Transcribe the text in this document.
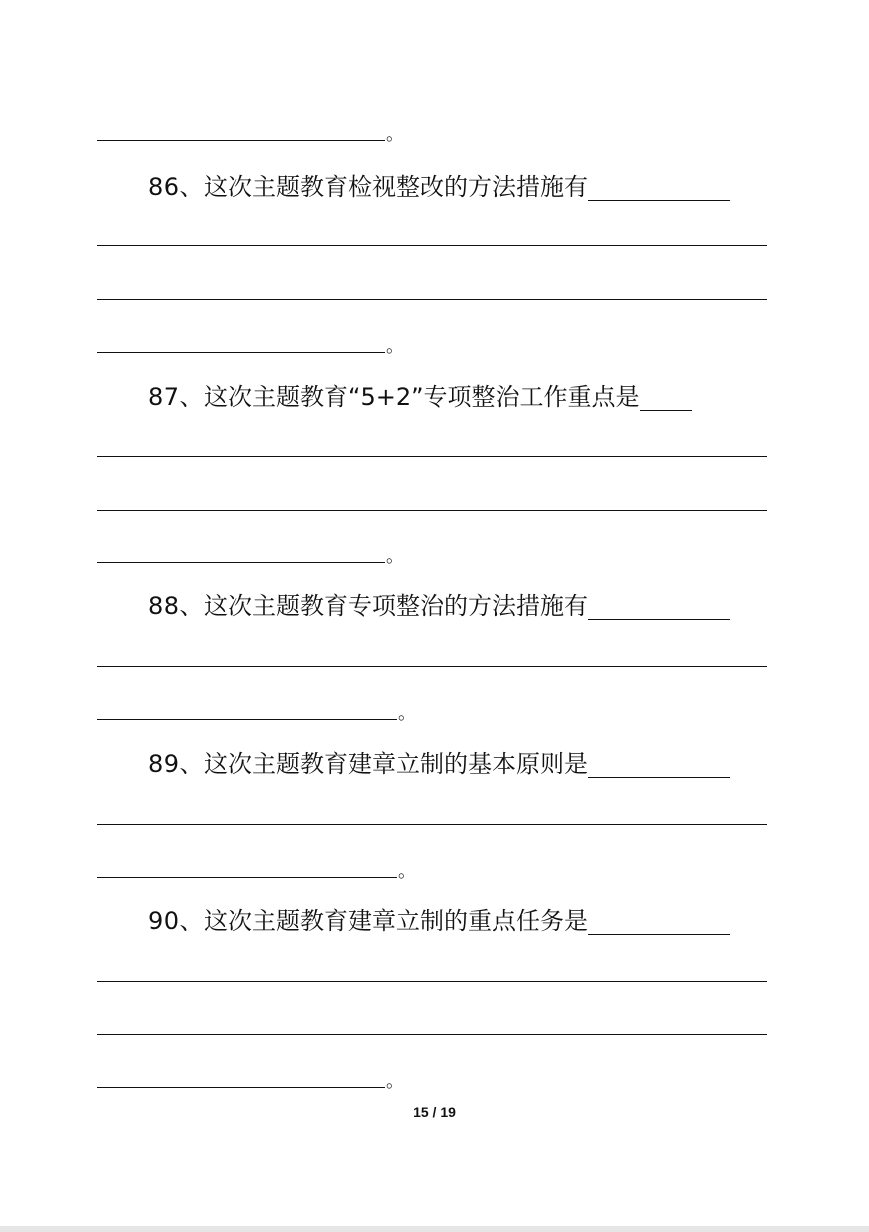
。
86、这次主题教育检视整改的方法措施有
。
87、这次主题教育“5+2”专项整治工作重点是
。
88、这次主题教育专项整治的方法措施有
。
89、这次主题教育建章立制的基本原则是
。
90、这次主题教育建章立制的重点任务是
。
15 / 19
